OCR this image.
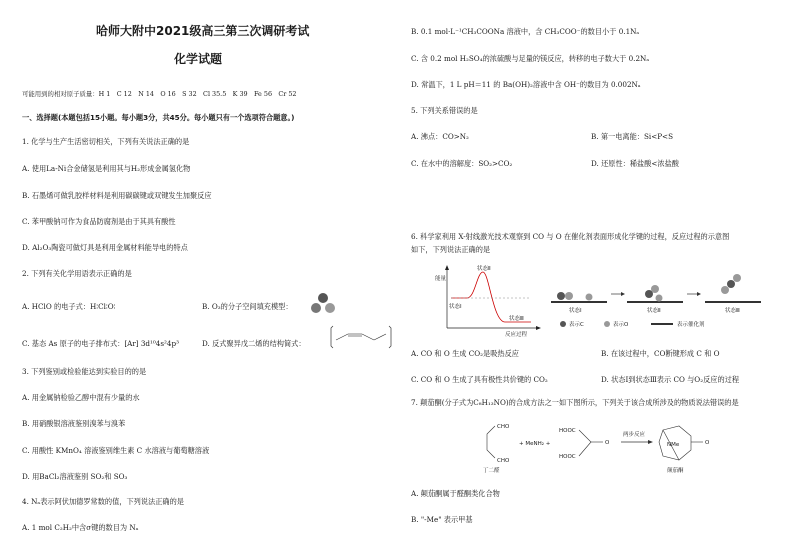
哈师大附中2021级高三第三次调研考试
化学试题
可能用到的相对原子质量：H 1　C 12　N 14　O 16　S 32　Cl 35.5　K 39　Fe 56　Cr 52
一、选择题(本题包括15小题。每小题3分，共45分。每小题只有一个选项符合题意。)
1. 化学与生产生活密切相关，下列有关说法正确的是
A. 使用La-Ni合金储氢是利用其与H₂形成金属氢化物
B. 石墨烯可做乳胶样材料是利用碳碳键或双键发生加聚反应
C. 苯甲酸钠可作为食品防腐剂是由于其具有酸性
D. Al₂O₃陶瓷可做灯具是利用金属材料能导电的特点
2. 下列有关化学用语表示正确的是
A. HClO 的电子式：H∶Cl∶O∶	B. O₃的分子空间填充模型：
C. 基态 As 原子的电子排布式：[Ar] 3d¹⁰4s²4p³	D. 反式聚异戊二烯的结构简式：
3. 下列鉴别或检验能达到实验目的的是
A. 用金属钠检验乙醇中混有少量的水
B. 用硝酸银溶液鉴别溴苯与溴苯
C. 用酸性 KMnO₄ 溶液鉴别维生素 C 水溶液与葡萄糖溶液
D. 用BaCl₂溶液鉴别 SO₂和 SO₃
4. Nₐ表示阿伏加德罗常数的值，下列说法正确的是
A. 1 mol C₂H₂中含σ键的数目为 Nₐ
B. 0.1 mol·L⁻¹CH₃COONa 溶液中，含 CH₃COO⁻的数目小于 0.1Nₐ
C. 含 0.2 mol H₂SO₄的浓硫酸与足量的镁反应，转移的电子数大于 0.2Nₐ
D. 常温下，1 L pH＝11 的 Ba(OH)₂溶液中含 OH⁻的数目为 0.002Nₐ
5. 下列关系错误的是
A. 沸点：CO>N₂	B. 第一电离能：Si<P<S
C. 在水中的溶解度：SO₂>CO₂	D. 还原性：稀盐酸<浓盐酸
6. 科学家利用 X-射线激光技术观察到 CO 与 O 在催化剂表面形成化学键的过程，反应过程的示意图
如下，下列说法正确的是
能量
状态Ⅱ
状态Ⅰ
状态Ⅲ
反应过程
状态Ⅰ	状态Ⅱ	状态Ⅲ
表示C	表示O	表示催化剂
A. CO 和 O 生成 CO₂是吸热反应	B. 在该过程中，CO断键形成 C 和 O
C. CO 和 O 生成了具有极性共价键的 CO₂	D. 状态Ⅰ到状态Ⅲ表示 CO 与O₂反应的过程
7. 颠茄酮(分子式为C₈H₁₃NO)的合成方法之一如下图所示，下列关于该合成所涉及的物质说法错误的是
CHO
CHO
+ MeNH₂ +
HOOC
HOOC
O
两步反应
NMe	O
丁二醛	颠茄酮
A. 颠茄酮属于醛酮类化合物
B. "-Me" 表示甲基
